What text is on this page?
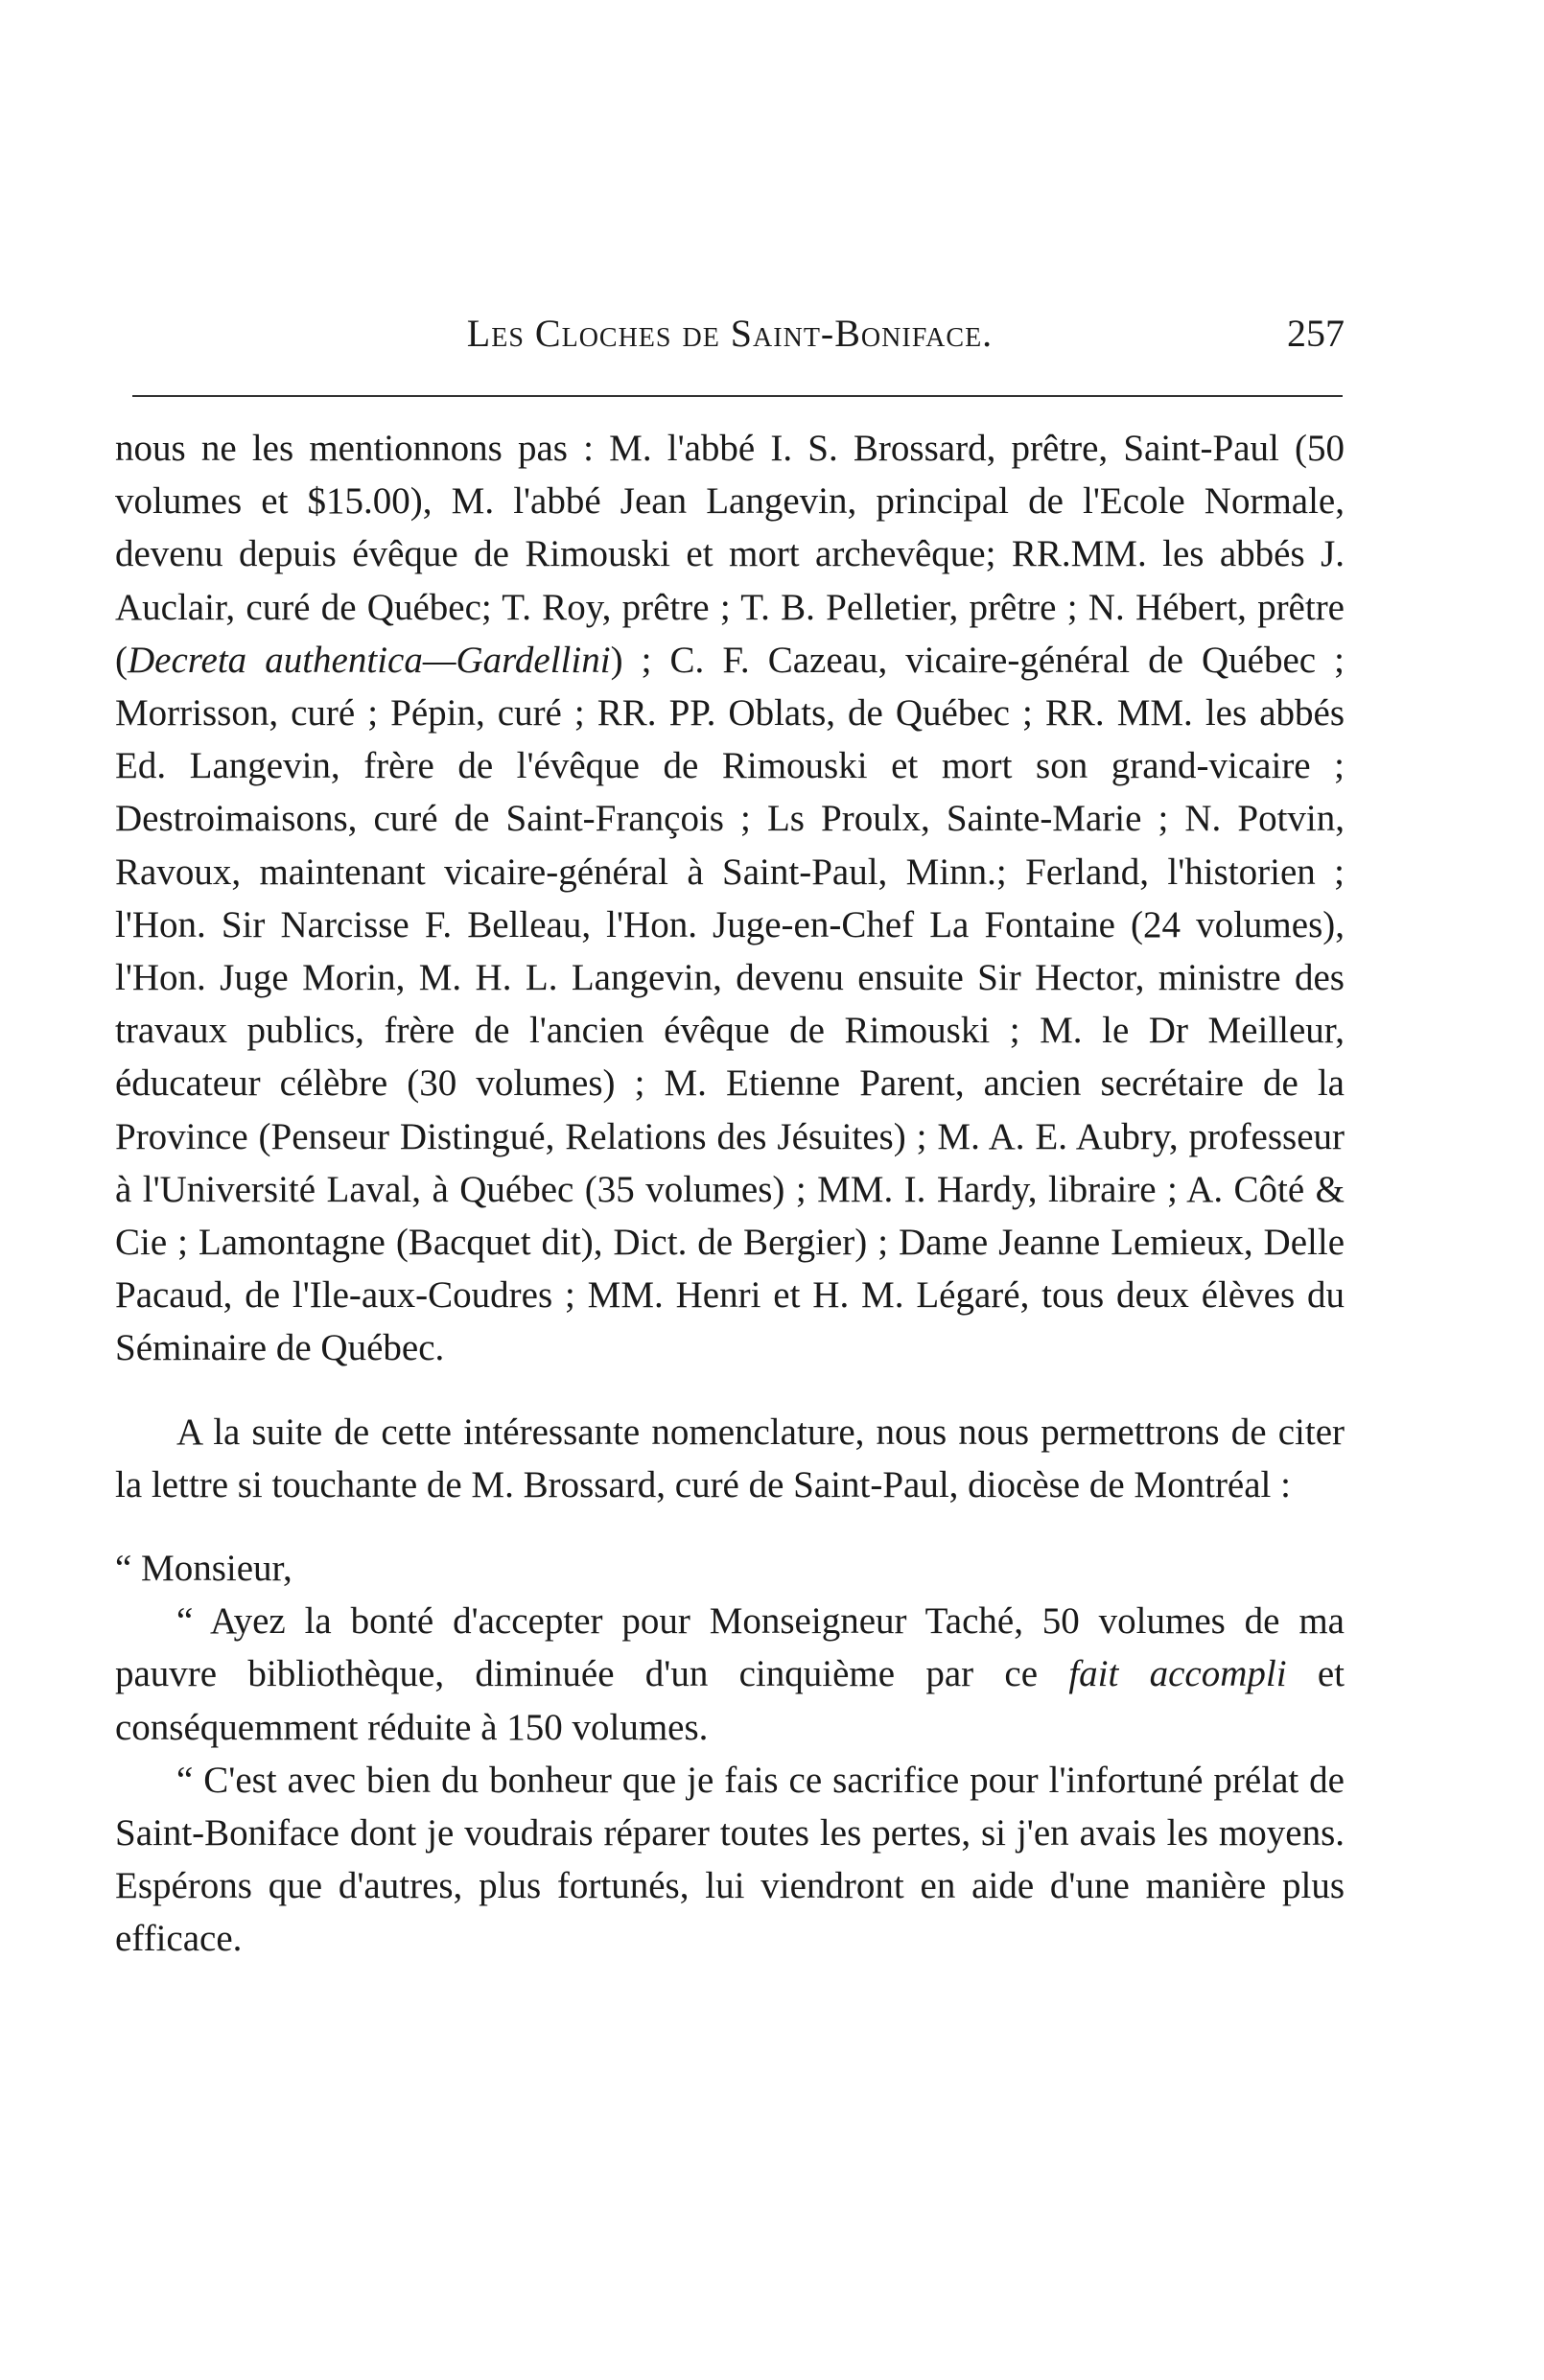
Les Cloches de Saint-Boniface.	257

nous ne les mentionnons pas : M. l'abbé I. S. Brossard, prêtre, Saint-Paul (50 volumes et $15.00), M. l'abbé Jean Langevin, principal de l'Ecole Normale, devenu depuis évêque de Rimouski et mort archevêque; RR.MM. les abbés J. Auclair, curé de Québec; T. Roy, prêtre ; T. B. Pelletier, prêtre ; N. Hébert, prêtre (Decreta authentica—Gardellini) ; C. F. Cazeau, vicaire-général de Québec ; Morrisson, curé ; Pépin, curé ; RR. PP. Oblats, de Québec ; RR. MM. les abbés Ed. Langevin, frère de l'évêque de Rimouski et mort son grand-vicaire ; Destroimaisons, curé de Saint-François ; Ls Proulx, Sainte-Marie ; N. Potvin, Ravoux, maintenant vicaire-général à Saint-Paul, Minn.; Ferland, l'historien ; l'Hon. Sir Narcisse F. Belleau, l'Hon. Juge-en-Chef La Fontaine (24 volumes), l'Hon. Juge Morin, M. H. L. Langevin, devenu ensuite Sir Hector, ministre des travaux publics, frère de l'ancien évêque de Rimouski ; M. le Dr Meilleur, éducateur célèbre (30 volumes) ; M. Etienne Parent, ancien secrétaire de la Province (Penseur Distingué, Relations des Jésuites) ; M. A. E. Aubry, professeur à l'Université Laval, à Québec (35 volumes) ; MM. I. Hardy, libraire ; A. Côté & Cie ; Lamontagne (Bacquet dit), Dict. de Bergier) ; Dame Jeanne Lemieux, Delle Pacaud, de l'Ile-aux-Coudres ; MM. Henri et H. M. Légaré, tous deux élèves du Séminaire de Québec.

A la suite de cette intéressante nomenclature, nous nous permettrons de citer la lettre si touchante de M. Brossard, curé de Saint-Paul, diocèse de Montréal :

“ Monsieur,

“ Ayez la bonté d'accepter pour Monseigneur Taché, 50 volumes de ma pauvre bibliothèque, diminuée d'un cinquième par ce fait accompli et conséquemment réduite à 150 volumes.

“ C'est avec bien du bonheur que je fais ce sacrifice pour l'infortuné prélat de Saint-Boniface dont je voudrais réparer toutes les pertes, si j'en avais les moyens. Espérons que d'autres, plus fortunés, lui viendront en aide d'une manière plus efficace.
